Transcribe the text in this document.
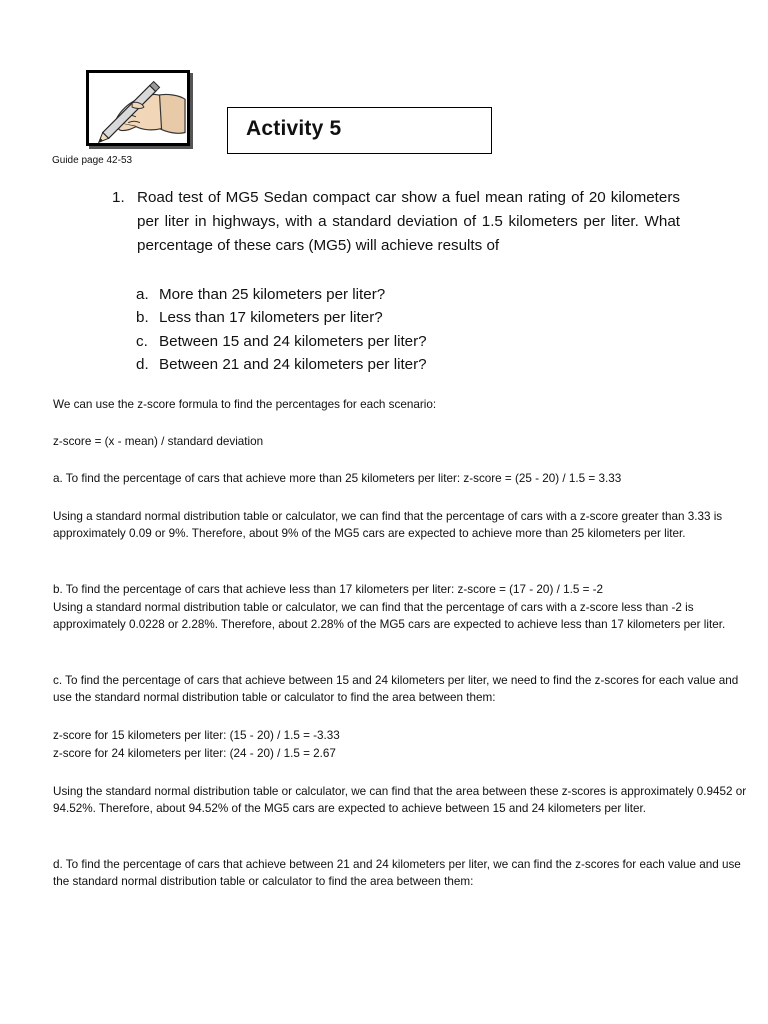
Activity 5
Guide page 42-53
1. Road test of MG5 Sedan compact car show a fuel mean rating of 20 kilometers per liter in highways, with a standard deviation of 1.5 kilometers per liter. What percentage of these cars (MG5) will achieve results of
a. More than 25 kilometers per liter?
b. Less than 17 kilometers per liter?
c. Between 15 and 24 kilometers per liter?
d. Between 21 and 24 kilometers per liter?

We can use the z-score formula to find the percentages for each scenario:

z-score = (x - mean) / standard deviation

a. To find the percentage of cars that achieve more than 25 kilometers per liter: z-score = (25 - 20) / 1.5 = 3.33

Using a standard normal distribution table or calculator, we can find that the percentage of cars with a z-score greater than 3.33 is approximately 0.09 or 9%. Therefore, about 9% of the MG5 cars are expected to achieve more than 25 kilometers per liter.

b. To find the percentage of cars that achieve less than 17 kilometers per liter: z-score = (17 - 20) / 1.5 = -2

Using a standard normal distribution table or calculator, we can find that the percentage of cars with a z-score less than -2 is approximately 0.0228 or 2.28%. Therefore, about 2.28% of the MG5 cars are expected to achieve less than 17 kilometers per liter.

c. To find the percentage of cars that achieve between 15 and 24 kilometers per liter, we need to find the z-scores for each value and use the standard normal distribution table or calculator to find the area between them:

z-score for 15 kilometers per liter: (15 - 20) / 1.5 = -3.33

z-score for 24 kilometers per liter: (24 - 20) / 1.5 = 2.67

Using the standard normal distribution table or calculator, we can find that the area between these z-scores is approximately 0.9452 or 94.52%. Therefore, about 94.52% of the MG5 cars are expected to achieve between 15 and 24 kilometers per liter.

d. To find the percentage of cars that achieve between 21 and 24 kilometers per liter, we can find the z-scores for each value and use the standard normal distribution table or calculator to find the area between them:
